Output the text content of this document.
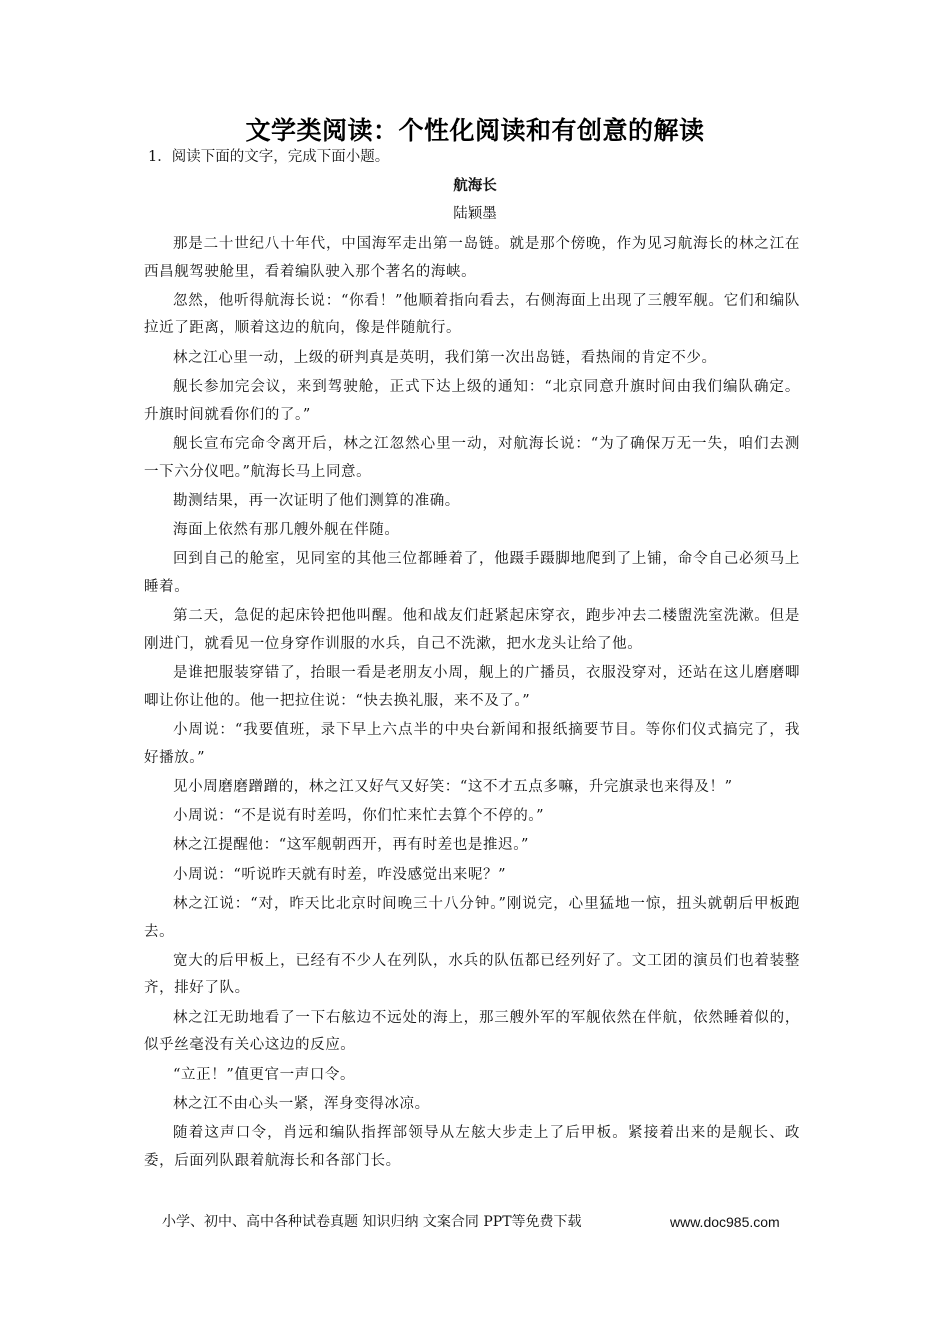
文学类阅读：个性化阅读和有创意的解读
1．阅读下面的文字，完成下面小题。
航海长
陆颖墨

那是二十世纪八十年代，中国海军走出第一岛链。就是那个傍晚，作为见习航海长的林之江在西昌舰驾驶舱里，看着编队驶入那个著名的海峡。

忽然，他听得航海长说：“你看！”他顺着指向看去，右侧海面上出现了三艘军舰。它们和编队拉近了距离，顺着这边的航向，像是伴随航行。

林之江心里一动，上级的研判真是英明，我们第一次出岛链，看热闹的肯定不少。

舰长参加完会议，来到驾驶舱，正式下达上级的通知：“北京同意升旗时间由我们编队确定。升旗时间就看你们的了。”

舰长宣布完命令离开后，林之江忽然心里一动，对航海长说：“为了确保万无一失，咱们去测一下六分仪吧。”航海长马上同意。

勘测结果，再一次证明了他们测算的准确。

海面上依然有那几艘外舰在伴随。

回到自己的舱室，见同室的其他三位都睡着了，他蹑手蹑脚地爬到了上铺，命令自己必须马上睡着。

第二天，急促的起床铃把他叫醒。他和战友们赶紧起床穿衣，跑步冲去二楼盥洗室洗漱。但是刚进门，就看见一位身穿作训服的水兵，自己不洗漱，把水龙头让给了他。

是谁把服装穿错了，抬眼一看是老朋友小周，舰上的广播员，衣服没穿对，还站在这儿磨磨唧唧让你让他的。他一把拉住说：“快去换礼服，来不及了。”

小周说：“我要值班，录下早上六点半的中央台新闻和报纸摘要节目。等你们仪式搞完了，我好播放。”

见小周磨磨蹭蹭的，林之江又好气又好笑：“这不才五点多嘛，升完旗录也来得及！”

小周说：“不是说有时差吗，你们忙来忙去算个不停的。”

林之江提醒他：“这军舰朝西开，再有时差也是推迟。”

小周说：“听说昨天就有时差，咋没感觉出来呢？”

林之江说：“对，昨天比北京时间晚三十八分钟。”刚说完，心里猛地一惊，扭头就朝后甲板跑去。

宽大的后甲板上，已经有不少人在列队，水兵的队伍都已经列好了。文工团的演员们也着装整齐，排好了队。

林之江无助地看了一下右舷边不远处的海上，那三艘外军的军舰依然在伴航，依然睡着似的，似乎丝毫没有关心这边的反应。

“立正！”值更官一声口令。

林之江不由心头一紧，浑身变得冰凉。

随着这声口令，肖远和编队指挥部领导从左舷大步走上了后甲板。紧接着出来的是舰长、政委，后面列队跟着航海长和各部门长。

小学、初中、高中各种试卷真题 知识归纳 文案合同 PPT等免费下载	www.doc985.com
